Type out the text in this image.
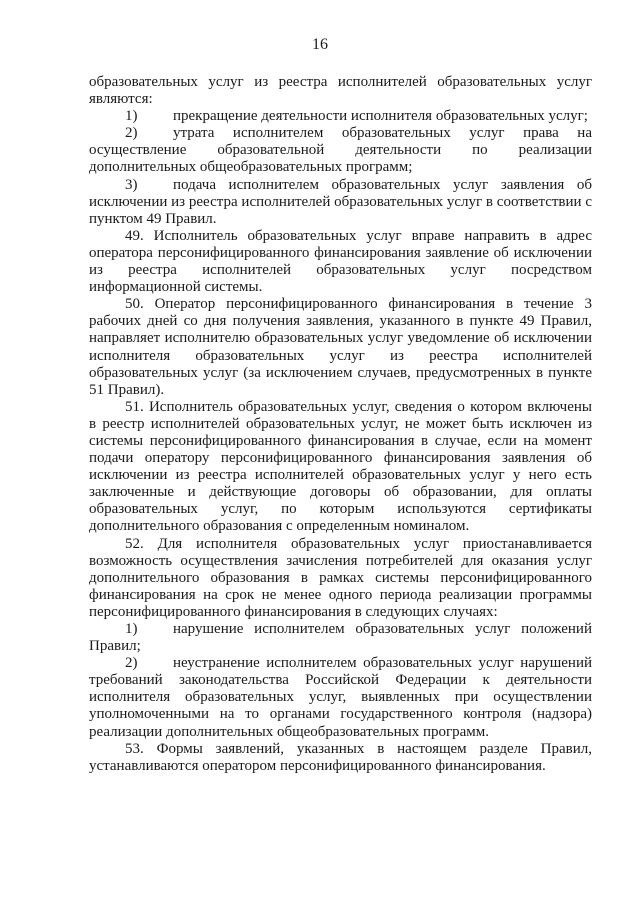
16

образовательных услуг из реестра исполнителей образовательных услуг являются:

1) прекращение деятельности исполнителя образовательных услуг;

2) утрата исполнителем образовательных услуг права на осуществление образовательной деятельности по реализации дополнительных общеобразовательных программ;

3) подача исполнителем образовательных услуг заявления об исключении из реестра исполнителей образовательных услуг в соответствии с пунктом 49 Правил.

49. Исполнитель образовательных услуг вправе направить в адрес оператора персонифицированного финансирования заявление об исключении из реестра исполнителей образовательных услуг посредством информационной системы.

50. Оператор персонифицированного финансирования в течение 3 рабочих дней со дня получения заявления, указанного в пункте 49 Правил, направляет исполнителю образовательных услуг уведомление об исключении исполнителя образовательных услуг из реестра исполнителей образовательных услуг (за исключением случаев, предусмотренных в пункте 51 Правил).

51. Исполнитель образовательных услуг, сведения о котором включены в реестр исполнителей образовательных услуг, не может быть исключен из системы персонифицированного финансирования в случае, если на момент подачи оператору персонифицированного финансирования заявления об исключении из реестра исполнителей образовательных услуг у него есть заключенные и действующие договоры об образовании, для оплаты образовательных услуг, по которым используются сертификаты дополнительного образования с определенным номиналом.

52. Для исполнителя образовательных услуг приостанавливается возможность осуществления зачисления потребителей для оказания услуг дополнительного образования в рамках системы персонифицированного финансирования на срок не менее одного периода реализации программы персонифицированного финансирования в следующих случаях:

1) нарушение исполнителем образовательных услуг положений Правил;

2) неустранение исполнителем образовательных услуг нарушений требований законодательства Российской Федерации к деятельности исполнителя образовательных услуг, выявленных при осуществлении уполномоченными на то органами государственного контроля (надзора) реализации дополнительных общеобразовательных программ.

53. Формы заявлений, указанных в настоящем разделе Правил, устанавливаются оператором персонифицированного финансирования.
